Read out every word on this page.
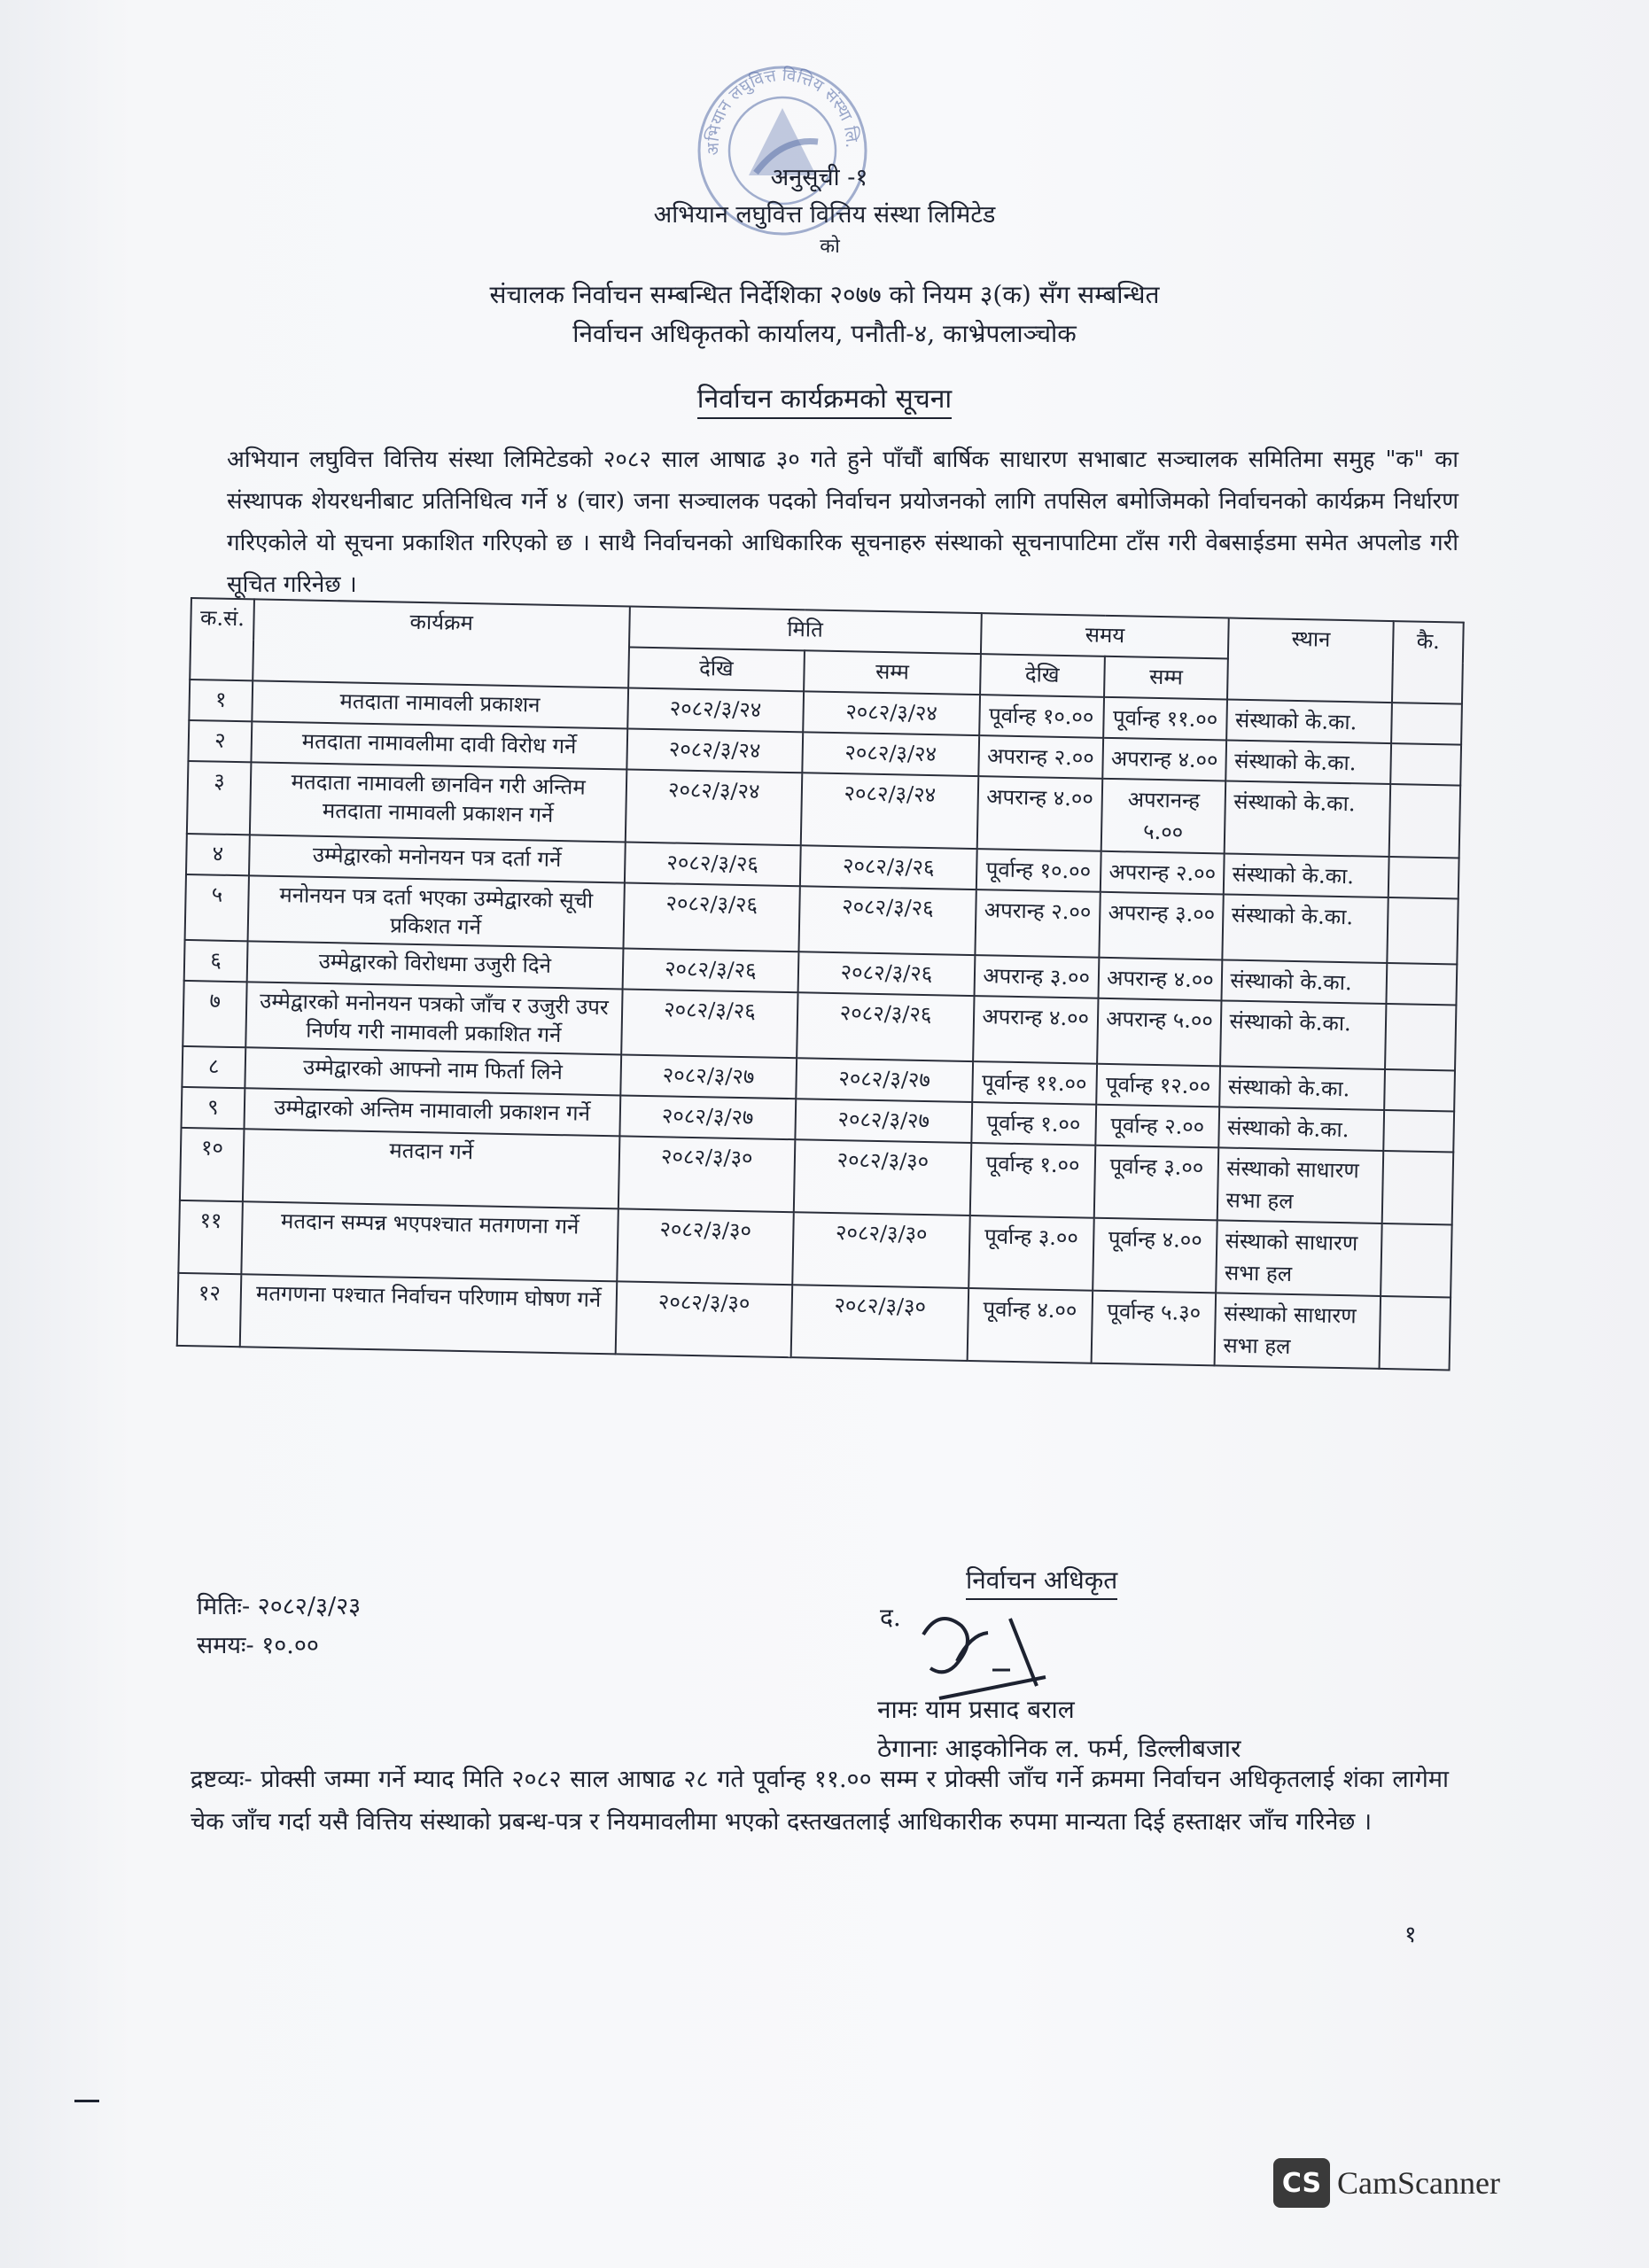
अभियान लघुवित्त वित्तिय संस्था लि.
अनुसूची -१
अभियान लघुवित्त वित्तिय संस्था लिमिटेड
को
संचालक निर्वाचन सम्बन्धित निर्देशिका २०७७ को नियम ३(क) सँग सम्बन्धित
निर्वाचन अधिकृतको कार्यालय, पनौती-४, काभ्रेपलाञ्चोक
निर्वाचन कार्यक्रमको सूचना
अभियान लघुवित्त वित्तिय संस्था लिमिटेडको २०८२ साल आषाढ ३० गते हुने पाँचौं बार्षिक साधारण सभाबाट सञ्चालक समितिमा समुह "क" का संस्थापक शेयरधनीबाट प्रतिनिधित्व गर्ने ४ (चार) जना सञ्चालक पदको निर्वाचन प्रयोजनको लागि तपसिल बमोजिमको निर्वाचनको कार्यक्रम निर्धारण गरिएकोले यो सूचना प्रकाशित गरिएको छ । साथै निर्वाचनको आधिकारिक सूचनाहरु संस्थाको सूचनापाटिमा टाँस गरी वेबसाईडमा समेत अपलोड गरी सूचित गरिनेछ ।
क.सं.	कार्यक्रम	मिति		समय		स्थान	कै.
		देखि	सम्म	देखि	सम्म		
१	मतदाता नामावली प्रकाशन	२०८२/३/२४	२०८२/३/२४	पूर्वान्ह १०.००	पूर्वान्ह ११.००	संस्थाको के.का.	
२	मतदाता नामावलीमा दावी विरोध गर्ने	२०८२/३/२४	२०८२/३/२४	अपरान्ह २.००	अपरान्ह ४.००	संस्थाको के.का.	
३	मतदाता नामावली छानविन गरी अन्तिम मतदाता नामावली प्रकाशन गर्ने	२०८२/३/२४	२०८२/३/२४	अपरान्ह ४.००	अपरानन्ह ५.००	संस्थाको के.का.	
४	उम्मेद्वारको मनोनयन पत्र दर्ता गर्ने	२०८२/३/२६	२०८२/३/२६	पूर्वान्ह १०.००	अपरान्ह २.००	संस्थाको के.का.	
५	मनोनयन पत्र दर्ता भएका उम्मेद्वारको सूची प्रकिशत गर्ने	२०८२/३/२६	२०८२/३/२६	अपरान्ह २.००	अपरान्ह ३.००	संस्थाको के.का.	
६	उम्मेद्वारको विरोधमा उजुरी दिने	२०८२/३/२६	२०८२/३/२६	अपरान्ह ३.००	अपरान्ह ४.००	संस्थाको के.का.	
७	उम्मेद्वारको मनोनयन पत्रको जाँच र उजुरी उपर निर्णय गरी नामावली प्रकाशित गर्ने	२०८२/३/२६	२०८२/३/२६	अपरान्ह ४.००	अपरान्ह ५.००	संस्थाको के.का.	
८	उम्मेद्वारको आफ्नो नाम फिर्ता लिने	२०८२/३/२७	२०८२/३/२७	पूर्वान्ह ११.००	पूर्वान्ह १२.००	संस्थाको के.का.	
९	उम्मेद्वारको अन्तिम नामावाली प्रकाशन गर्ने	२०८२/३/२७	२०८२/३/२७	पूर्वान्ह १.००	पूर्वान्ह २.००	संस्थाको के.का.	
१०	मतदान गर्ने	२०८२/३/३०	२०८२/३/३०	पूर्वान्ह १.००	पूर्वान्ह ३.००	संस्थाको साधारण सभा हल	
११	मतदान सम्पन्न भएपश्चात मतगणना गर्ने	२०८२/३/३०	२०८२/३/३०	पूर्वान्ह ३.००	पूर्वान्ह ४.००	संस्थाको साधारण सभा हल	
१२	मतगणना पश्चात निर्वाचन परिणाम घोषण गर्ने	२०८२/३/३०	२०८२/३/३०	पूर्वान्ह ४.००	पूर्वान्ह ५.३०	संस्थाको साधारण सभा हल	
मितिः- २०८२/३/२३
समयः- १०.००
निर्वाचन अधिकृत
द.
नामः याम प्रसाद बराल
ठेगानाः आइकोनिक ल. फर्म, डिल्लीबजार
द्रष्टव्यः- प्रोक्सी जम्मा गर्ने म्याद मिति २०८२ साल आषाढ २८ गते पूर्वान्ह ११.०० सम्म र प्रोक्सी जाँच गर्ने क्रममा निर्वाचन अधिकृतलाई शंका लागेमा चेक जाँच गर्दा यसै वित्तिय संस्थाको प्रबन्ध-पत्र र नियमावलीमा भएको दस्तखतलाई आधिकारीक रुपमा मान्यता दिई हस्ताक्षर जाँच गरिनेछ ।
१
CS CamScanner
